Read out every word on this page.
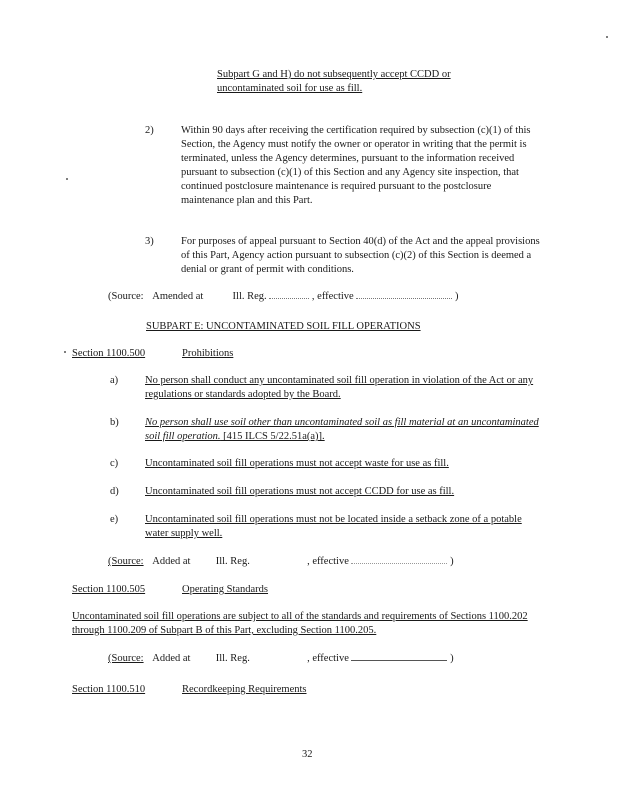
Subpart G and H) do not subsequently accept CCDD or
uncontaminated soil for use as fill.
2)	Within 90 days after receiving the certification required by subsection (c)(1) of this Section, the Agency must notify the owner or operator in writing that the permit is terminated, unless the Agency determines, pursuant to the information received pursuant to subsection (c)(1) of this Section and any Agency site inspection, that continued postclosure maintenance is required pursuant to the postclosure maintenance plan and this Part.
3)	For purposes of appeal pursuant to Section 40(d) of the Act and the appeal provisions of this Part, Agency action pursuant to subsection (c)(2) of this Section is deemed a denial or grant of permit with conditions.
(Source: Amended at	Ill. Reg.	, effective	)
SUBPART E: UNCONTAMINATED SOIL FILL OPERATIONS
Section 1100.500	Prohibitions
a)	No person shall conduct any uncontaminated soil fill operation in violation of the Act or any regulations or standards adopted by the Board.
b)	No person shall use soil other than uncontaminated soil as fill material at an uncontaminated soil fill operation. [415 ILCS 5/22.51a(a)].
c)	Uncontaminated soil fill operations must not accept waste for use as fill.
d)	Uncontaminated soil fill operations must not accept CCDD for use as fill.
e)	Uncontaminated soil fill operations must not be located inside a setback zone of a potable water supply well.
(Source: Added at Ill. Reg.	, effective	)
Section 1100.505	Operating Standards
Uncontaminated soil fill operations are subject to all of the standards and requirements of Sections 1100.202 through 1100.209 of Subpart B of this Part, excluding Section 1100.205.
(Source: Added at Ill. Reg.	, effective	)
Section 1100.510	Recordkeeping Requirements
32
